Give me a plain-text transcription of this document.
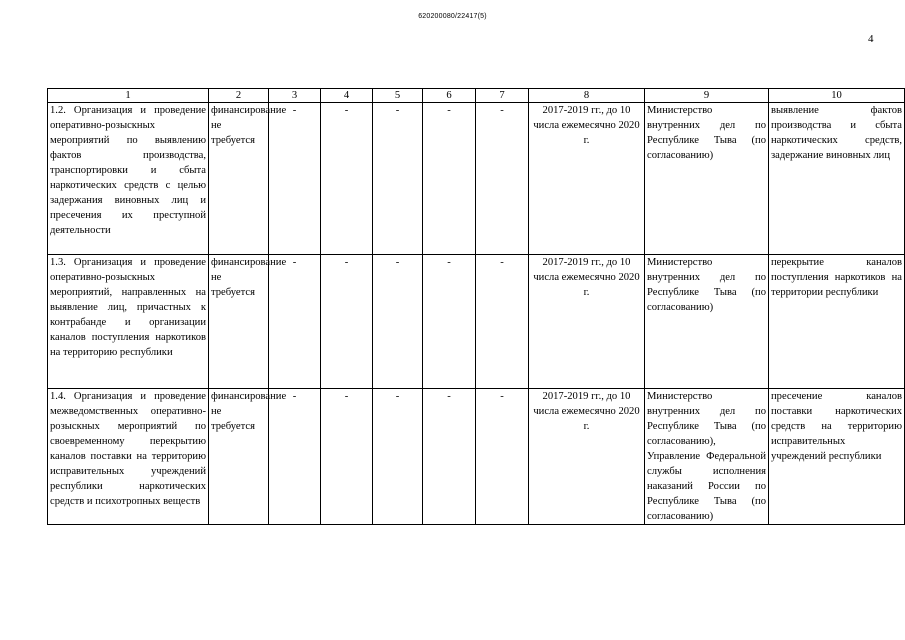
620200080/22417(5)
4
1	2	3	4	5	6	7	8	9	10
1.2. Организация и проведение оперативно-розыскных мероприятий по выявлению фактов производства, транспортировки и сбыта наркотических средств с целью задержания виновных лиц и пресечения их преступной деятельности	финансирование не требуется	-	-	-	-	-	2017-2019 гг., до 10 числа ежемесячно 2020 г.	Министерство внутренних дел по Республике Тыва (по согласованию)	выявление фактов производства и сбыта наркотических средств, задержание виновных лиц
1.3. Организация и проведение оперативно-розыскных мероприятий, направленных на выявление лиц, причастных к контрабанде и организации каналов поступления наркотиков на территорию республики	финансирование не требуется	-	-	-	-	-	2017-2019 гг., до 10 числа ежемесячно 2020 г.	Министерство внутренних дел по Республике Тыва (по согласованию)	перекрытие каналов поступления наркотиков на территории республики
1.4. Организация и проведение межведомственных оперативно-розыскных мероприятий по своевременному перекрытию каналов поставки на территорию исправительных учреждений республики наркотических средств и психотропных веществ	финансирование не требуется	-	-	-	-	-	2017-2019 гг., до 10 числа ежемесячно 2020 г.	Министерство внутренних дел по Республике Тыва (по согласованию), Управление Федеральной службы исполнения наказаний России по Республике Тыва (по согласованию)	пресечение каналов поставки наркотических средств на территорию исправительных учреждений республики
